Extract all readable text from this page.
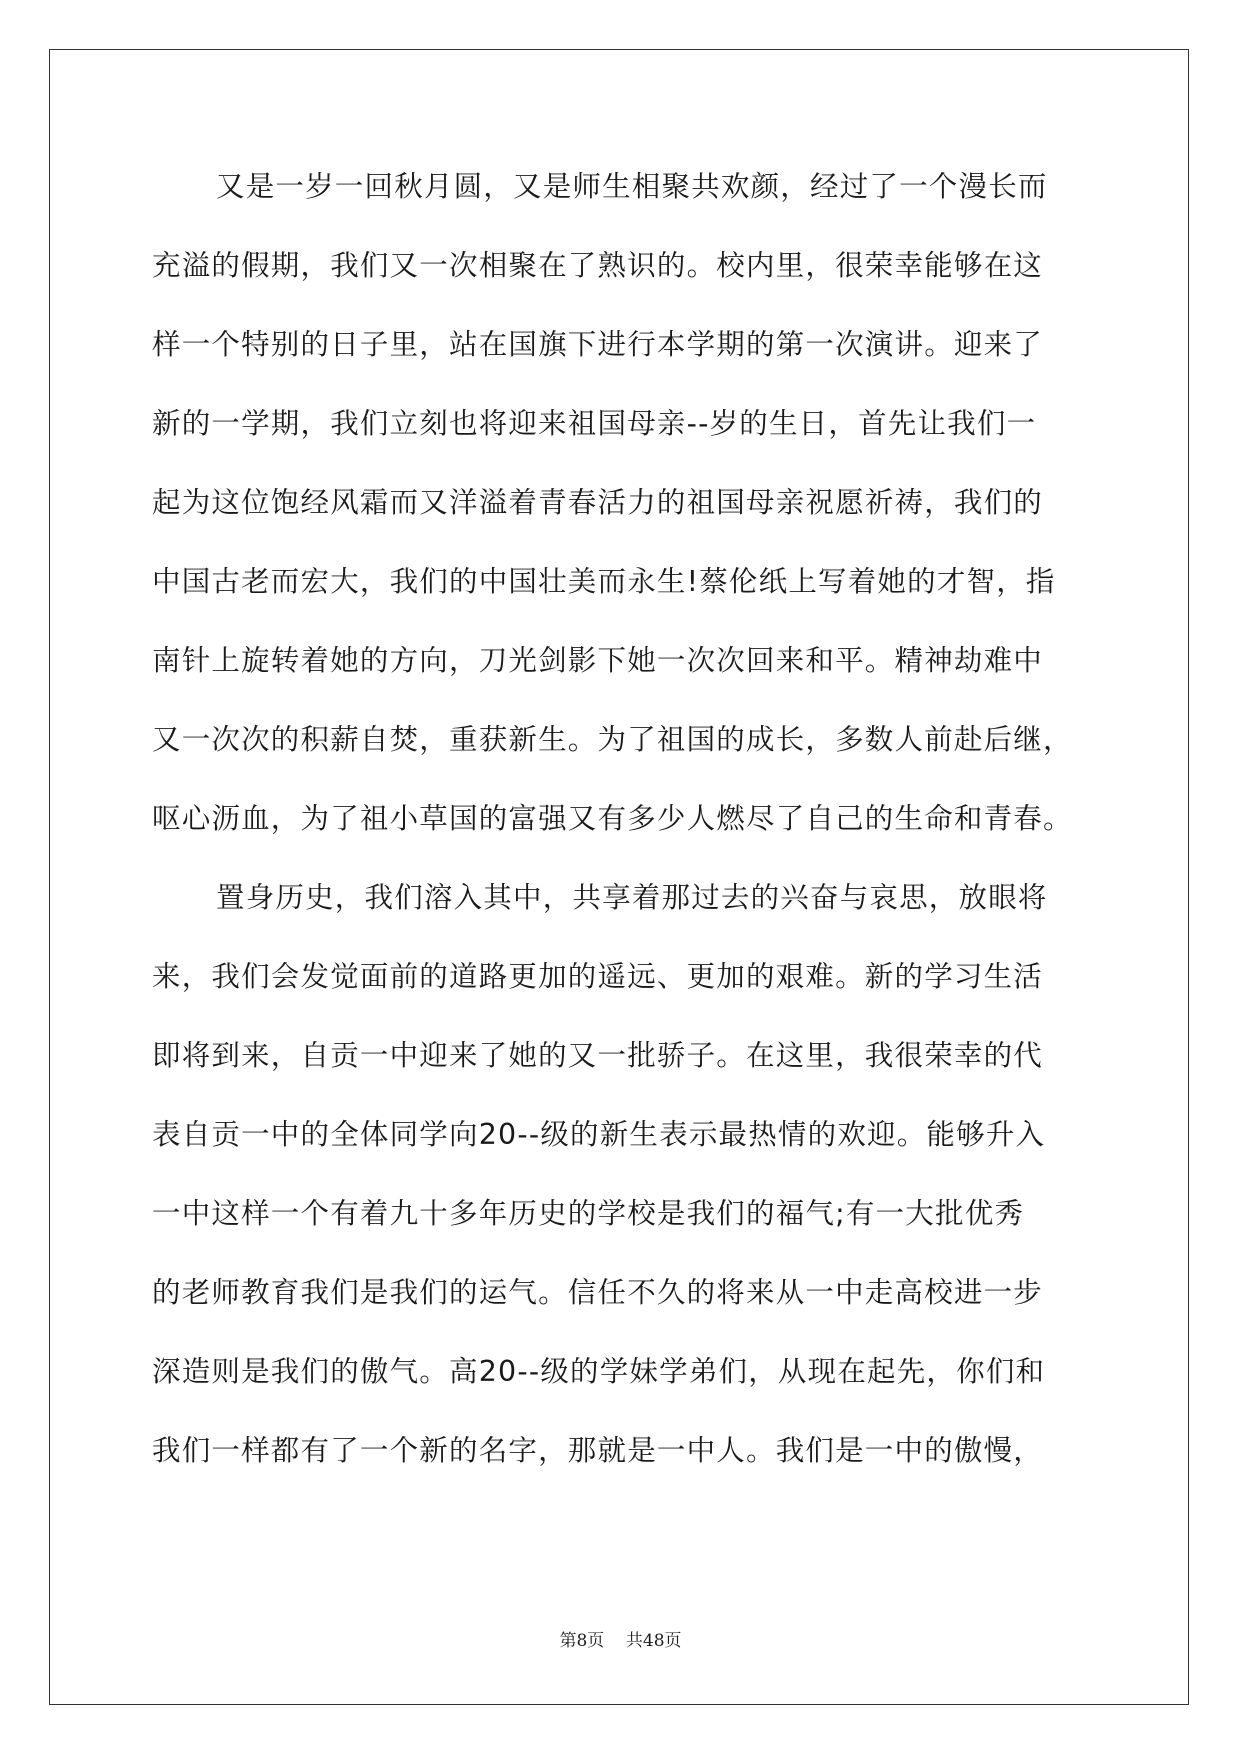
又是一岁一回秋月圆，又是师生相聚共欢颜，经过了一个漫长而
充溢的假期，我们又一次相聚在了熟识的。校内里，很荣幸能够在这
样一个特别的日子里，站在国旗下进行本学期的第一次演讲。迎来了
新的一学期，我们立刻也将迎来祖国母亲--岁的生日，首先让我们一
起为这位饱经风霜而又洋溢着青春活力的祖国母亲祝愿祈祷，我们的
中国古老而宏大，我们的中国壮美而永生!蔡伦纸上写着她的才智，指
南针上旋转着她的方向，刀光剑影下她一次次回来和平。精神劫难中
又一次次的积薪自焚，重获新生。为了祖国的成长，多数人前赴后继，
呕心沥血，为了祖小草国的富强又有多少人燃尽了自己的生命和青春。
置身历史，我们溶入其中，共享着那过去的兴奋与哀思，放眼将
来，我们会发觉面前的道路更加的遥远、更加的艰难。新的学习生活
即将到来，自贡一中迎来了她的又一批骄子。在这里，我很荣幸的代
表自贡一中的全体同学向20--级的新生表示最热情的欢迎。能够升入
一中这样一个有着九十多年历史的学校是我们的福气;有一大批优秀
的老师教育我们是我们的运气。信任不久的将来从一中走高校进一步
深造则是我们的傲气。高20--级的学妹学弟们，从现在起先，你们和
我们一样都有了一个新的名字，那就是一中人。我们是一中的傲慢，
第8页    共48页
